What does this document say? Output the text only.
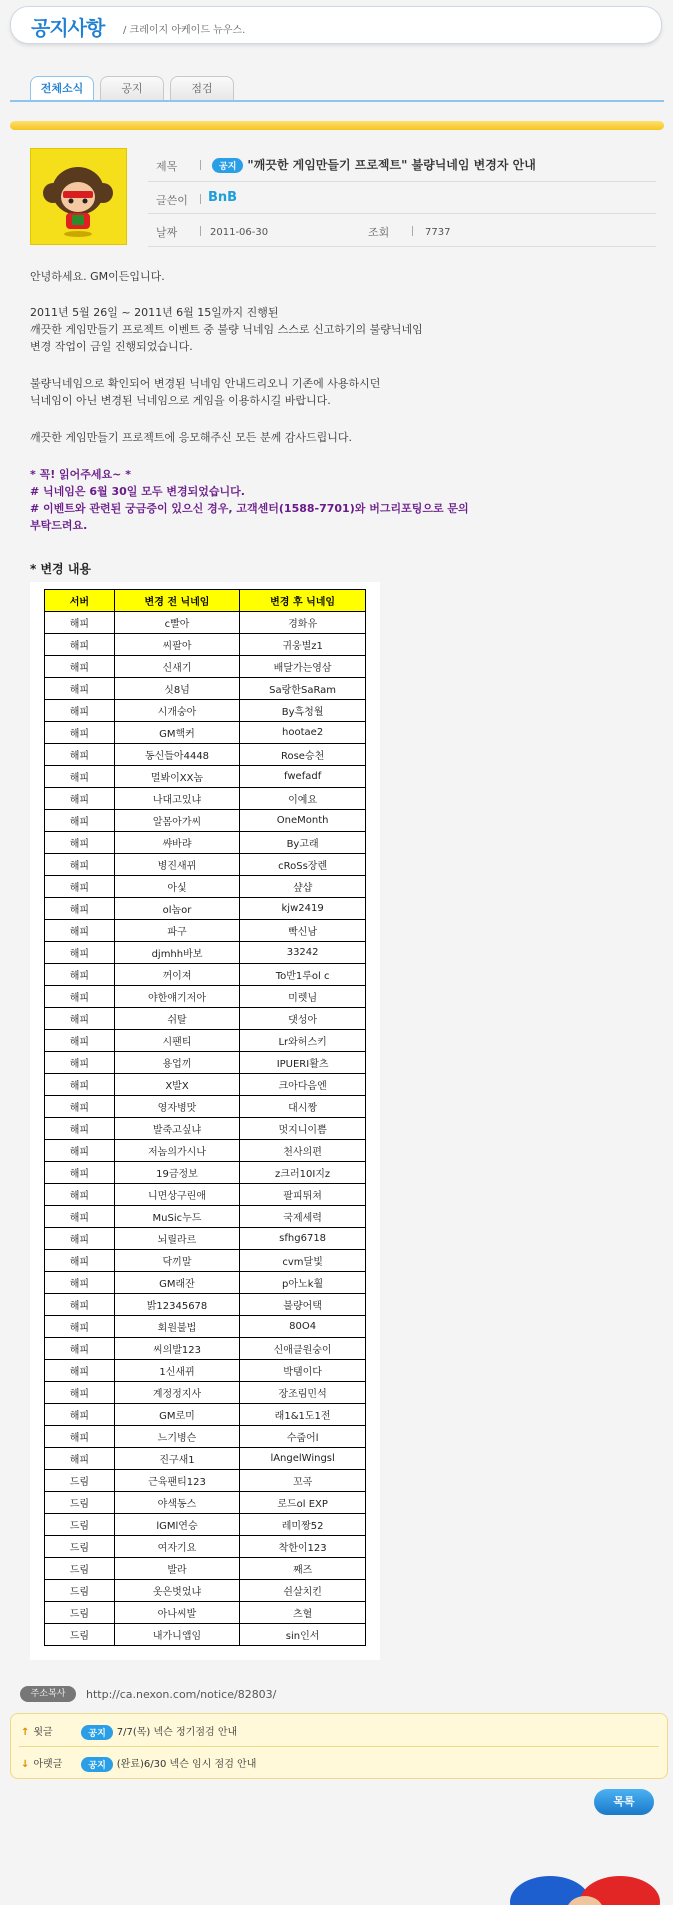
공지사항 / 크레이지 아케이드 뉴우스.
전체소식	공지	점검
제목	공지 "깨끗한 게임만들기 프로젝트" 불량닉네임 변경자 안내
글쓴이 BnB
날짜	2011-06-30	조회	7737

안녕하세요. GM이든입니다.

2011년 5월 26일 ~ 2011년 6월 15일까지 진행된

깨끗한 게임만들기 프로젝트 이벤트 중 불량 닉네임 스스로 신고하기의 불량닉네임

변경 작업이 금일 진행되었습니다.

불량닉네임으로 확인되어 변경된 닉네임 안내드리오니 기존에 사용하시던

닉네임이 아닌 변경된 닉네임으로 게임을 이용하시길 바랍니다.

깨끗한 게임만들기 프로젝트에 응모해주신 모든 분께 감사드립니다.

* 꼭! 읽어주세요~ *

# 닉네임은 6월 30일 모두 변경되었습니다.

# 이벤트와 관련된 궁금증이 있으신 경우, 고객센터(1588-7701)와 버그리포팅으로 문의

부탁드려요.

* 변경 내용
서버	변경 전 닉네임	변경 후 닉네임
해피	c빨아	경화유
해피	씨팔아	귀웅별z1
해피	신새기	배달가는영삼
해피	싯8넘	Sa랑한SaRam
해피	시개숭아	By흑청월
해피	GM핵커	hootae2
해피	동신들아4448	Rose승천
해피	멀봐이XX놈	fwefadf
해피	나대고있냐	이예요
해피	알몸아가씨	OneMonth
해피	쌰바랴	By고래
해피	병진새뀌	cRoSs장렌
해피	아싳	샾샵
해피	ol놈or	kjw2419
해피	파구	빡신남
해피	djmhh바보	33242
해피	꺼이져	To반1루ol c
해피	야한얘기저아	미렛님
해피	쉬탈	댓성아
해피	시팬티	Lr와허스키
해피	용업끼	IPUERI활츠
해피	X발X	크아다음엔
해피	영자병맛	대시짱
해피	발죽고싶냐	멋지니이쁨
해피	저놈의가시나	천사의편
해피	19금정보	z크러10I지z
해피	니면상구린애	팔피튀쳐
해피	MuSic누드	국제세력
해피	뇌릴라르	sfhg6718
해피	닥끼말	cvm달빛
해피	GM래잔	p아노k훨
해피	밝12345678	불량어택
해피	회원불법	80O4
해피	씨의발123	신애클원숭이
해피	1신새뀌	박탬이다
해피	계정정지사	장조림민석
해피	GM로미	래1&1도1전
해피	느기병슨	수줍어l
해피	진구새1	lAngelWingsl
드림	근육팬티123	꼬곡
드림	야색동스	로드ol EXP
드림	lGMl연승	레미짱52
드림	여자기요	착한이123
드림	발라	째즈
드림	옷은벗었냐	쉰살치킨
드림	아나씨발	츠혈
드림	내가니앱임	sin인서
주소복사	http://ca.nexon.com/notice/82803/
↑ 윗글	공지 7/7(목) 넥슨 정기점검 안내
↓ 아랫글	공지 (완료)6/30 넥슨 임시 점검 안내
목록
